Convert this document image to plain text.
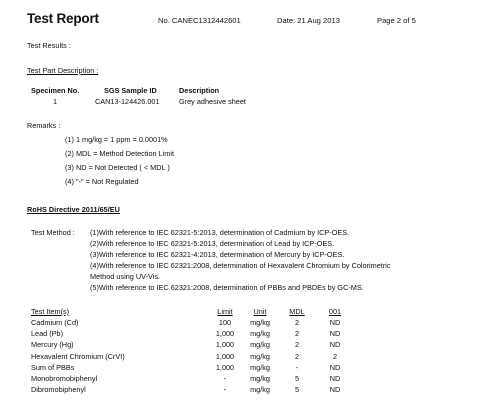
Test Report	No. CANEC1312442601	Date: 21 Aug 2013	Page 2 of 5
Test Results :
Test Part Description :
Specimen No.	SGS Sample ID	Description
1	CAN13-124426.001	Grey adhesive sheet
Remarks :
(1) 1 mg/kg = 1 ppm = 0.0001%
(2) MDL = Method Detection Limit
(3) ND = Not Detected ( < MDL )
(4) "-" = Not Regulated
RoHS Directive 2011/65/EU
Test Method : (1)With reference to IEC 62321-5:2013, determination of Cadmium by ICP-OES.
(2)With reference to IEC 62321-5:2013, determination of Lead by ICP-OES.
(3)With reference to IEC 62321-4:2013, determination of Mercury by ICP-OES.
(4)With reference to IEC 62321:2008, determination of Hexavalent Chromium by Colorimetric
Method using UV-Vis.
(5)With reference to IEC 62321:2008, determination of PBBs and PBDEs by GC-MS.
Test Item(s)	Limit	Unit	MDL	001
Cadmium (Cd)	100	mg/kg	2	ND
Lead (Pb)	1,000	mg/kg	2	ND
Mercury (Hg)	1,000	mg/kg	2	ND
Hexavalent Chromium (CrVI)	1,000	mg/kg	2	2
Sum of PBBs	1,000	mg/kg	-	ND
Monobromobiphenyl	-	mg/kg	5	ND
Dibromobiphenyl	-	mg/kg	5	ND
